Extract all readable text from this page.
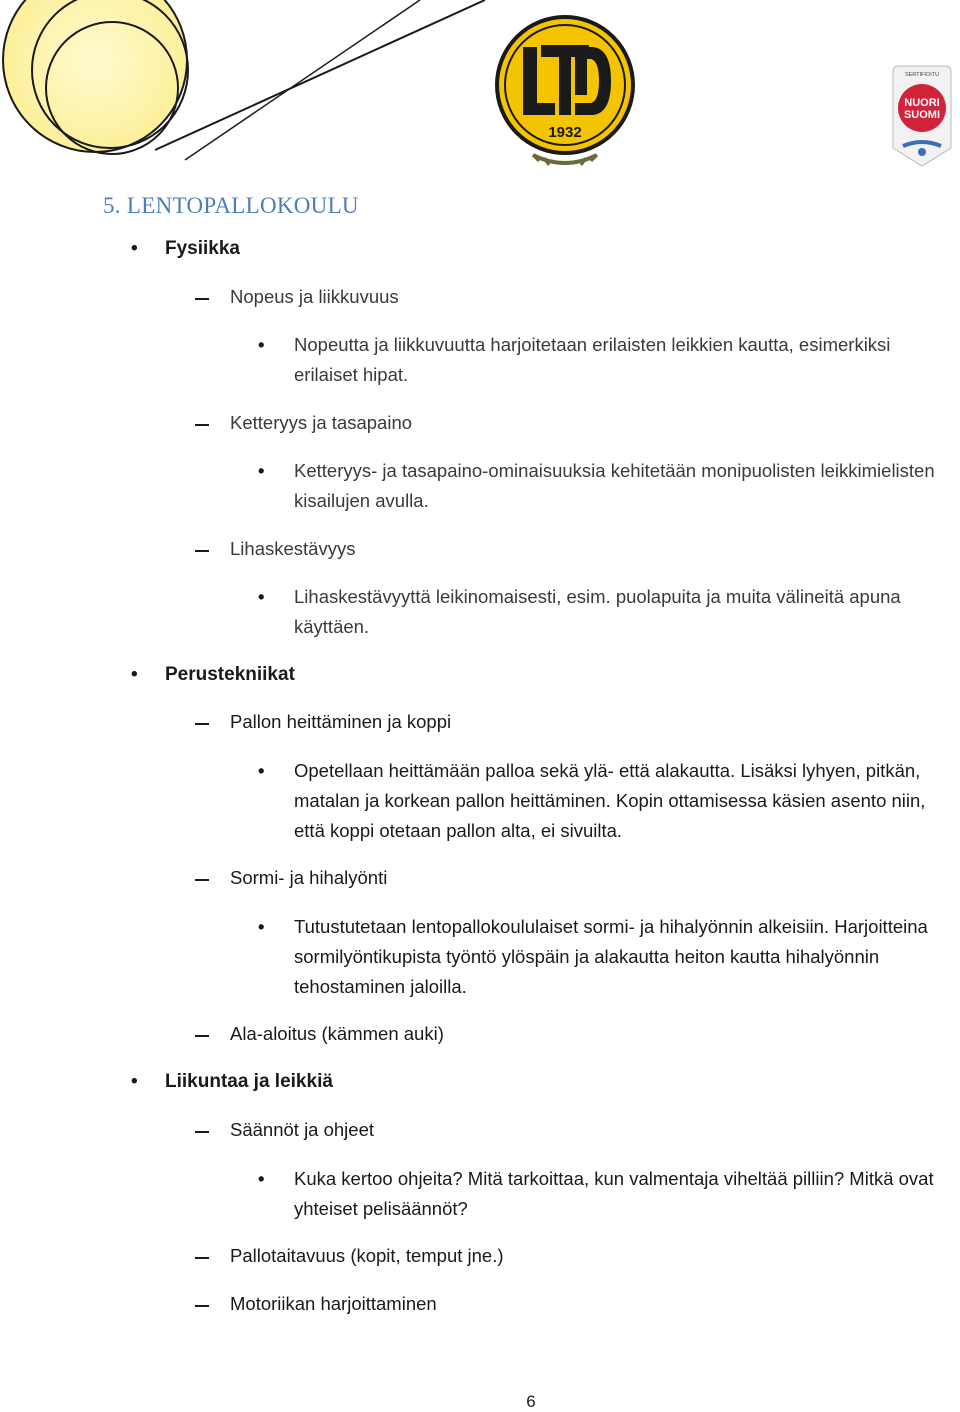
1932
SERTIFIOITU
NUORI
SUOMI
5. LENTOPALLOKOULU
• Fysiikka
Nopeus ja liikkuvuus
• Nopeutta ja liikkuvuutta harjoitetaan erilaisten leikkien kautta, esimerkiksi erilaiset hipat.
Ketteryys ja tasapaino
• Ketteryys- ja tasapaino-ominaisuuksia kehitetään monipuolisten leikkimielisten kisailujen avulla.
Lihaskestävyys
• Lihaskestävyyttä leikinomaisesti, esim. puolapuita ja muita välineitä apuna käyttäen.
• Perustekniikat
Pallon heittäminen ja koppi
• Opetellaan heittämään palloa sekä ylä- että alakautta. Lisäksi lyhyen, pitkän, matalan ja korkean pallon heittäminen. Kopin ottamisessa käsien asento niin, että koppi otetaan pallon alta, ei sivuilta.
Sormi- ja hihalyönti
• Tutustutetaan lentopallokoululaiset sormi- ja hihalyönnin alkeisiin. Harjoitteina sormilyöntikupista työntö ylöspäin ja alakautta heiton kautta hihalyönnin tehostaminen jaloilla.
Ala-aloitus (kämmen auki)
• Liikuntaa ja leikkiä
Säännöt ja ohjeet
• Kuka kertoo ohjeita? Mitä tarkoittaa, kun valmentaja viheltää pilliin? Mitkä ovat yhteiset pelisäännöt?
Pallotaitavuus (kopit, temput jne.)
Motoriikan harjoittaminen
6
